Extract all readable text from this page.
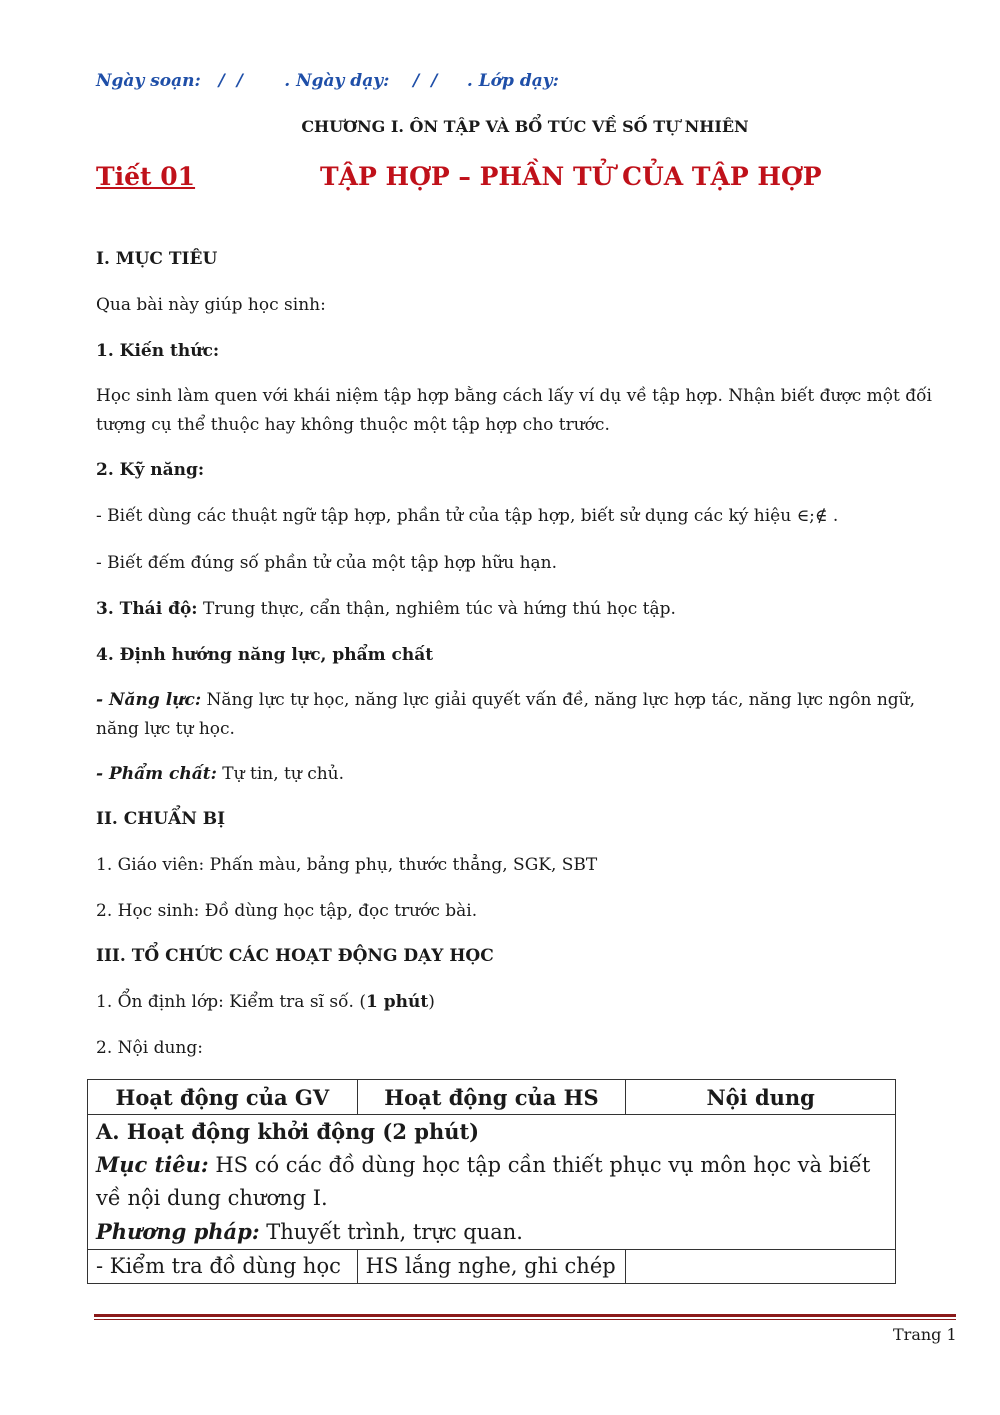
Ngày soạn:   /  /       . Ngày dạy:    /  /     . Lớp dạy:
CHƯƠNG I. ÔN TẬP VÀ BỔ TÚC VỀ SỐ TỰ NHIÊN
Tiết 01	TẬP HỢP – PHẦN TỬ CỦA TẬP HỢP

I. MỤC TIÊU

Qua bài này giúp học sinh:

1. Kiến thức:

Học sinh làm quen với khái niệm tập hợp bằng cách lấy ví dụ về tập hợp. Nhận biết được một đối tượng cụ thể thuộc hay không thuộc một tập hợp cho trước.

2. Kỹ năng:

- Biết dùng các thuật ngữ tập hợp, phần tử của tập hợp, biết sử dụng các ký hiệu ∈;∉ .

- Biết đếm đúng số phần tử của một tập hợp hữu hạn.

3. Thái độ: Trung thực, cẩn thận, nghiêm túc và hứng thú học tập.

4. Định hướng năng lực, phẩm chất

- Năng lực: Năng lực tự học, năng lực giải quyết vấn đề, năng lực hợp tác, năng lực ngôn ngữ, năng lực tự học.

- Phẩm chất: Tự tin, tự chủ.

II. CHUẨN BỊ

1. Giáo viên: Phấn màu, bảng phụ, thước thẳng, SGK, SBT

2. Học sinh: Đồ dùng học tập, đọc trước bài.

III. TỔ CHỨC CÁC HOẠT ĐỘNG DẠY HỌC

1. Ổn định lớp: Kiểm tra sĩ số. (1 phút)

2. Nội dung:

Hoạt động của GV	Hoạt động của HS	Nội dung

A. Hoạt động khởi động (2 phút)
Mục tiêu: HS có các đồ dùng học tập cần thiết phục vụ môn học và biết về nội dung chương I.
Phương pháp: Thuyết trình, trực quan.		

- Kiểm tra đồ dùng học	HS lắng nghe, ghi chép	
Trang 1
